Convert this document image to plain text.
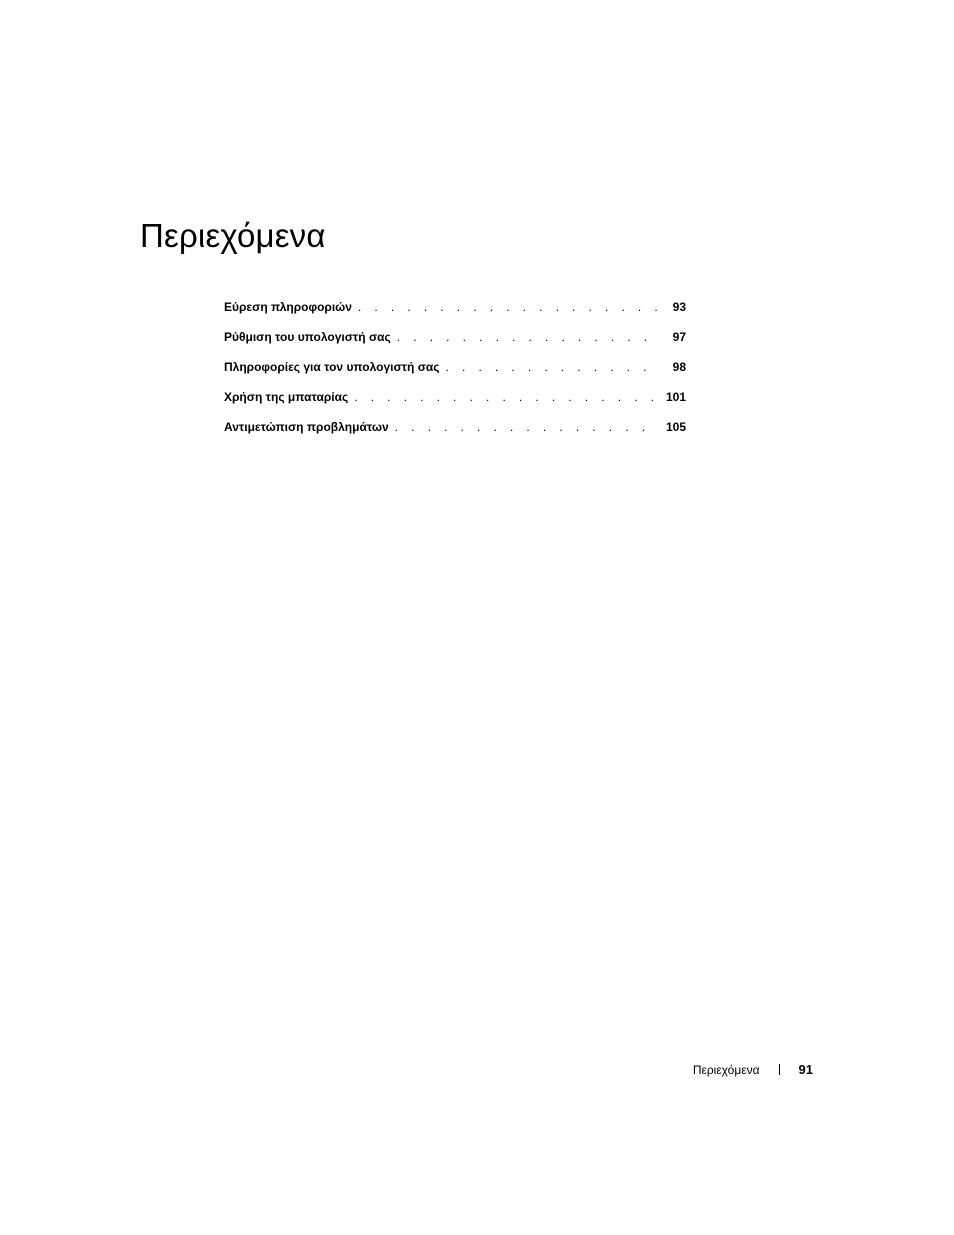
Περιεχόμενα
Εύρεση πληροφοριών . . .	93
Ρύθμιση του υπολογιστή σας . . .	97
Πληροφορίες για τον υπολογιστή σας . . .	98
Χρήση της μπαταρίας . . .	101
Αντιμετώπιση προβλημάτων . . .	105
Περιεχόμενα	91
